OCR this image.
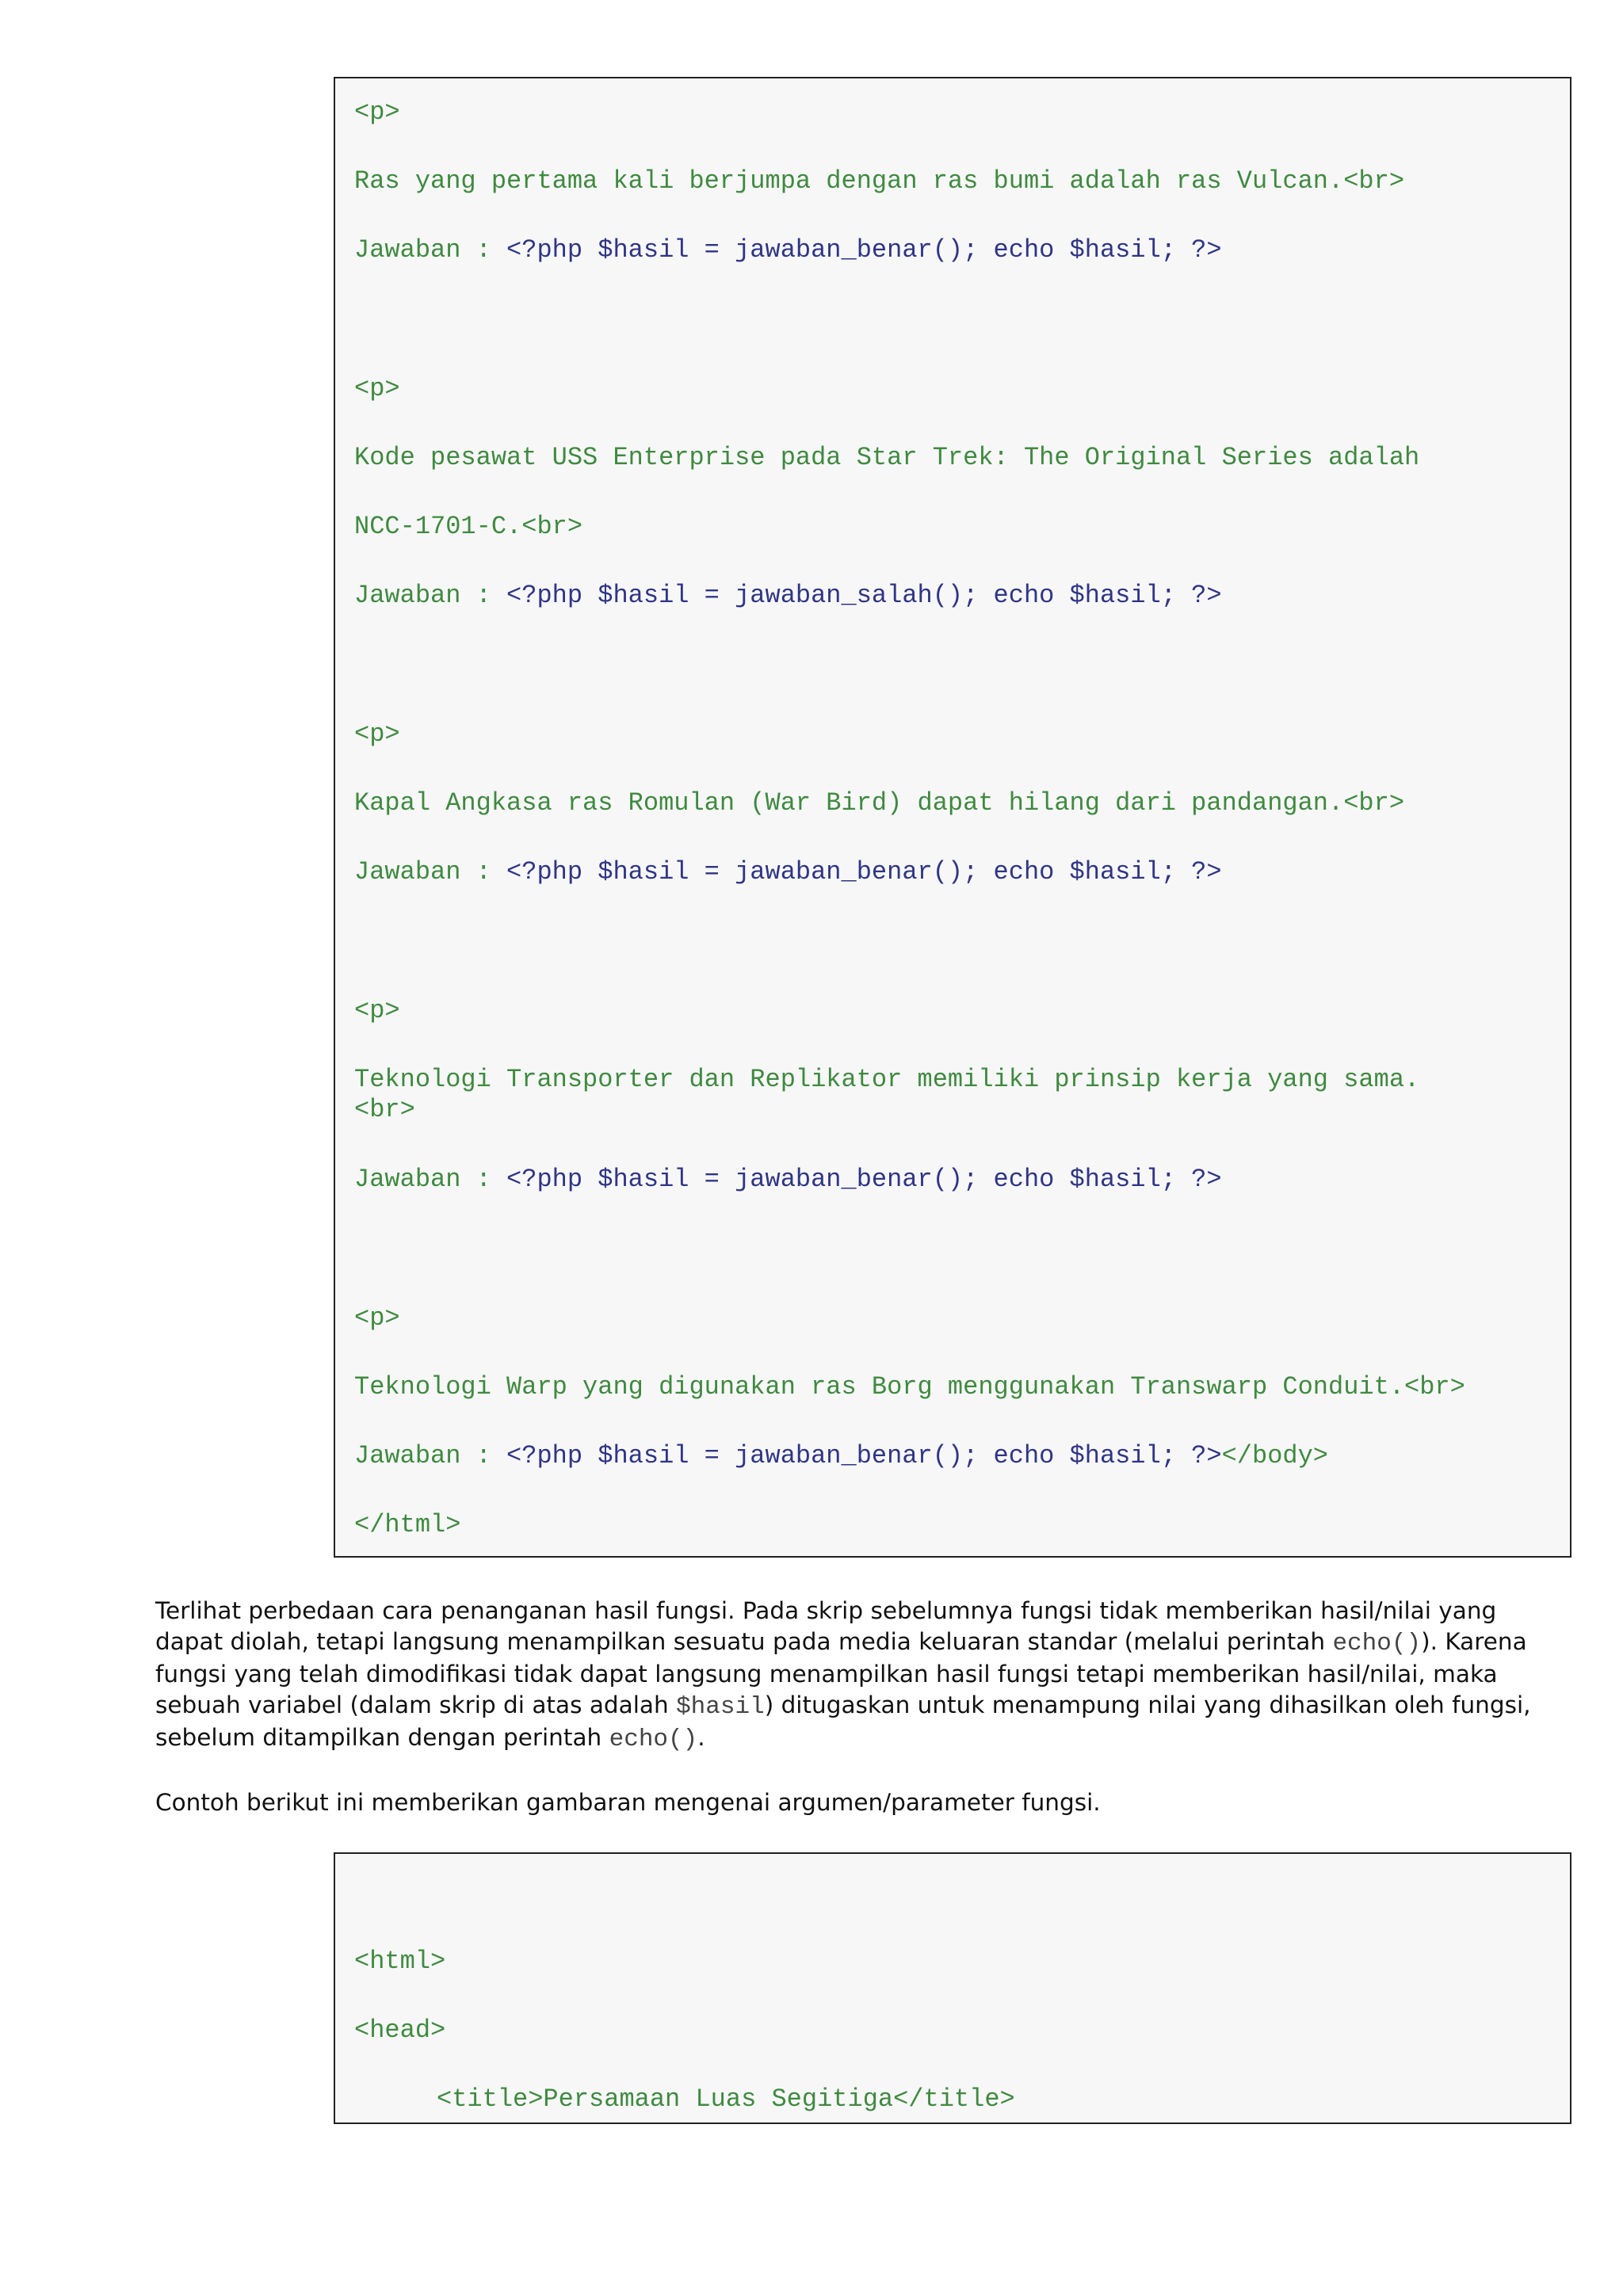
<p>

Ras yang pertama kali berjumpa dengan ras bumi adalah ras Vulcan.<br>

Jawaban : <?php $hasil = jawaban_benar(); echo $hasil; ?>

<p>

Kode pesawat USS Enterprise pada Star Trek: The Original Series adalah

NCC-1701-C.<br>

Jawaban : <?php $hasil = jawaban_salah(); echo $hasil; ?>

<p>

Kapal Angkasa ras Romulan (War Bird) dapat hilang dari pandangan.<br>

Jawaban : <?php $hasil = jawaban_benar(); echo $hasil; ?>

<p>

Teknologi Transporter dan Replikator memiliki prinsip kerja yang sama.<br>

Jawaban : <?php $hasil = jawaban_benar(); echo $hasil; ?>

<p>

Teknologi Warp yang digunakan ras Borg menggunakan Transwarp Conduit.<br>

Jawaban : <?php $hasil = jawaban_benar(); echo $hasil; ?></body>

</html>

Terlihat perbedaan cara penanganan hasil fungsi. Pada skrip sebelumnya fungsi tidak memberikan hasil/nilai yang dapat diolah, tetapi langsung menampilkan sesuatu pada media keluaran standar (melalui perintah echo()). Karena fungsi yang telah dimodifikasi tidak dapat langsung menampilkan hasil fungsi tetapi memberikan hasil/nilai, maka sebuah variabel (dalam skrip di atas adalah $hasil) ditugaskan untuk menampung nilai yang dihasilkan oleh fungsi, sebelum ditampilkan dengan perintah echo().

Contoh berikut ini memberikan gambaran mengenai argumen/parameter fungsi.

<html>

<head>

<title>Persamaan Luas Segitiga</title>
